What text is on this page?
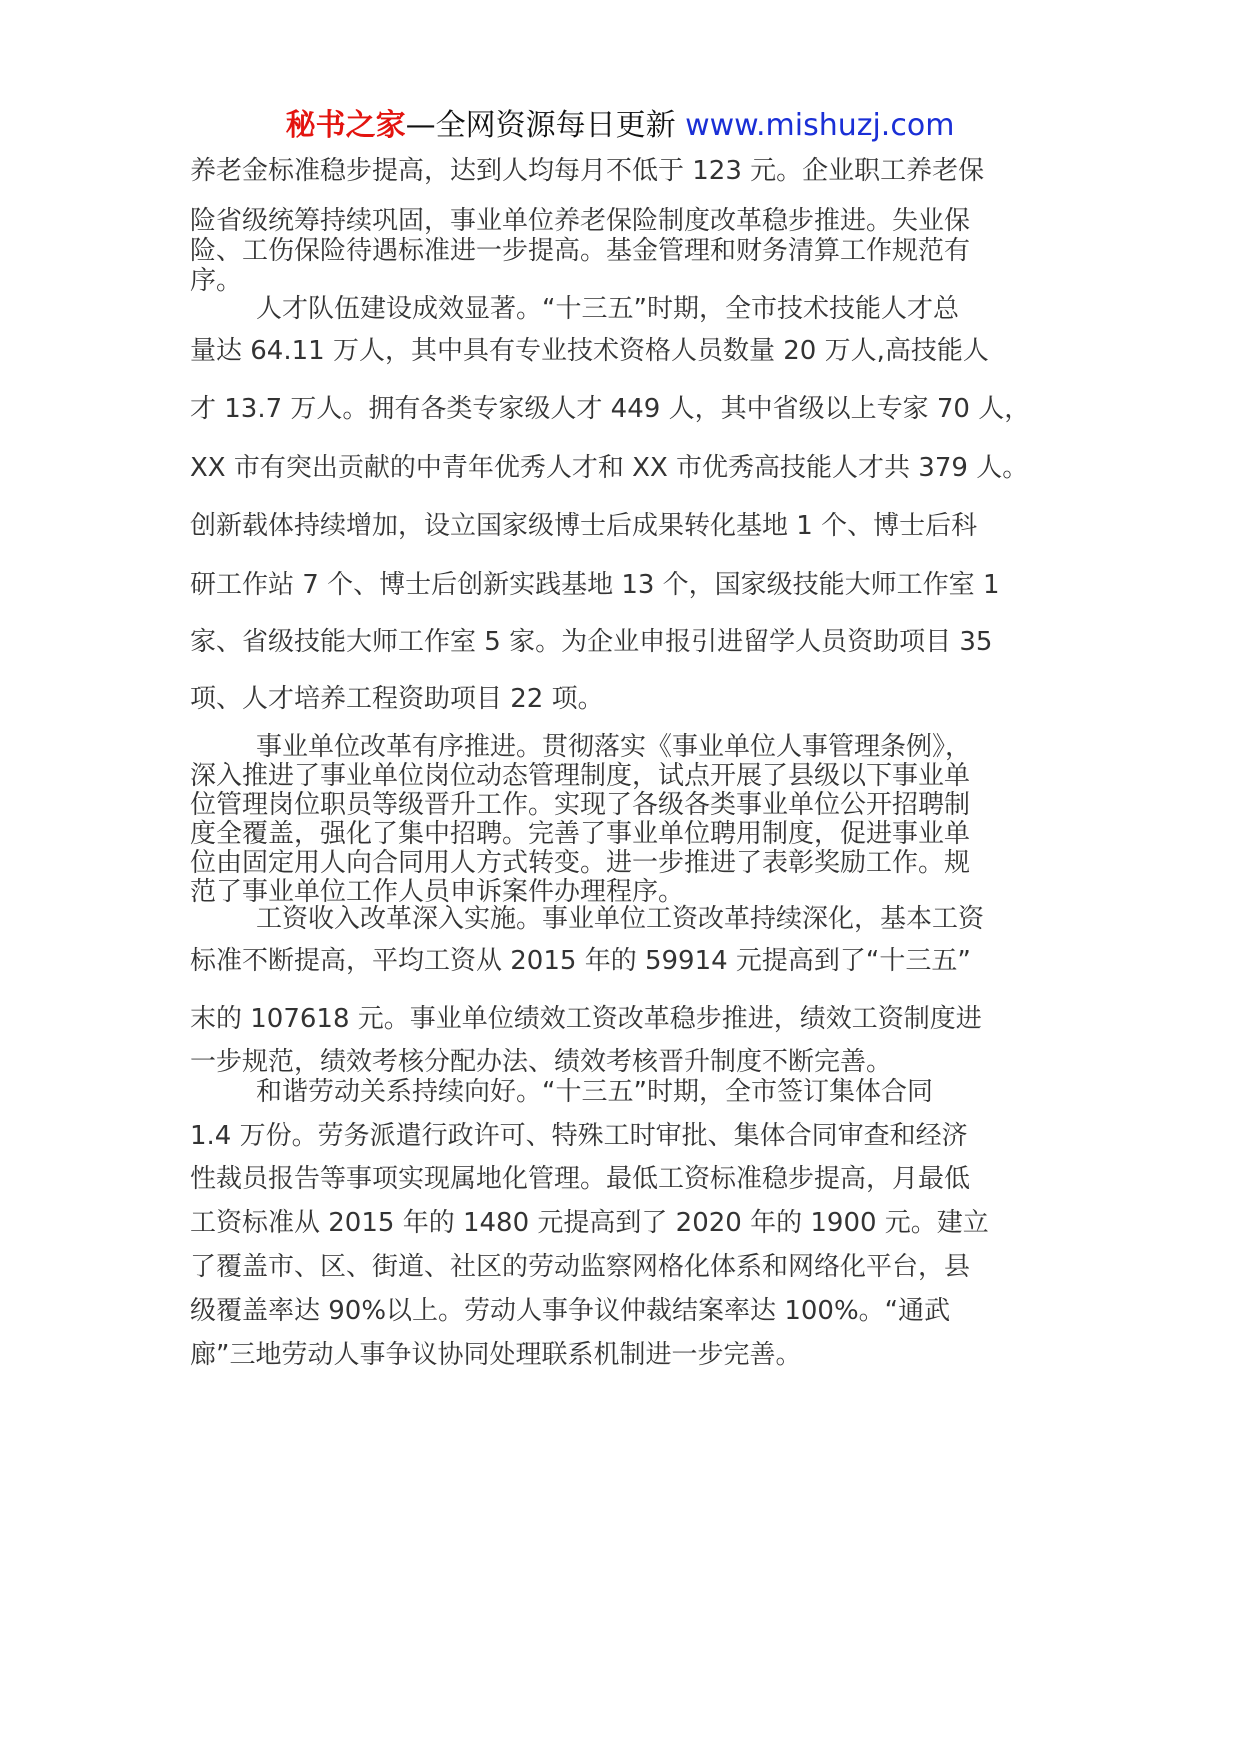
秘书之家—全网资源每日更新 www.mishuzj.com
养老金标准稳步提高，达到人均每月不低于 123 元。企业职工养老保
险省级统筹持续巩固，事业单位养老保险制度改革稳步推进。失业保
险、工伤保险待遇标准进一步提高。基金管理和财务清算工作规范有
序。
人才队伍建设成效显著。“十三五”时期，全市技术技能人才总
量达 64.11 万人，其中具有专业技术资格人员数量 20 万人,高技能人
才 13.7 万人。拥有各类专家级人才 449 人，其中省级以上专家 70 人，
XX 市有突出贡献的中青年优秀人才和 XX 市优秀高技能人才共 379 人。
创新载体持续增加，设立国家级博士后成果转化基地 1 个、博士后科
研工作站 7 个、博士后创新实践基地 13 个，国家级技能大师工作室 1
家、省级技能大师工作室 5 家。为企业申报引进留学人员资助项目 35
项、人才培养工程资助项目 22 项。
事业单位改革有序推进。贯彻落实《事业单位人事管理条例》，
深入推进了事业单位岗位动态管理制度，试点开展了县级以下事业单
位管理岗位职员等级晋升工作。实现了各级各类事业单位公开招聘制
度全覆盖，强化了集中招聘。完善了事业单位聘用制度，促进事业单
位由固定用人向合同用人方式转变。进一步推进了表彰奖励工作。规
范了事业单位工作人员申诉案件办理程序。
工资收入改革深入实施。事业单位工资改革持续深化，基本工资
标准不断提高，平均工资从 2015 年的 59914 元提高到了“十三五”
末的 107618 元。事业单位绩效工资改革稳步推进，绩效工资制度进
一步规范，绩效考核分配办法、绩效考核晋升制度不断完善。
和谐劳动关系持续向好。“十三五”时期，全市签订集体合同
1.4 万份。劳务派遣行政许可、特殊工时审批、集体合同审查和经济
性裁员报告等事项实现属地化管理。最低工资标准稳步提高，月最低
工资标准从 2015 年的 1480 元提高到了 2020 年的 1900 元。建立
了覆盖市、区、街道、社区的劳动监察网格化体系和网络化平台，县
级覆盖率达 90%以上。劳动人事争议仲裁结案率达 100%。“通武
廊”三地劳动人事争议协同处理联系机制进一步完善。
